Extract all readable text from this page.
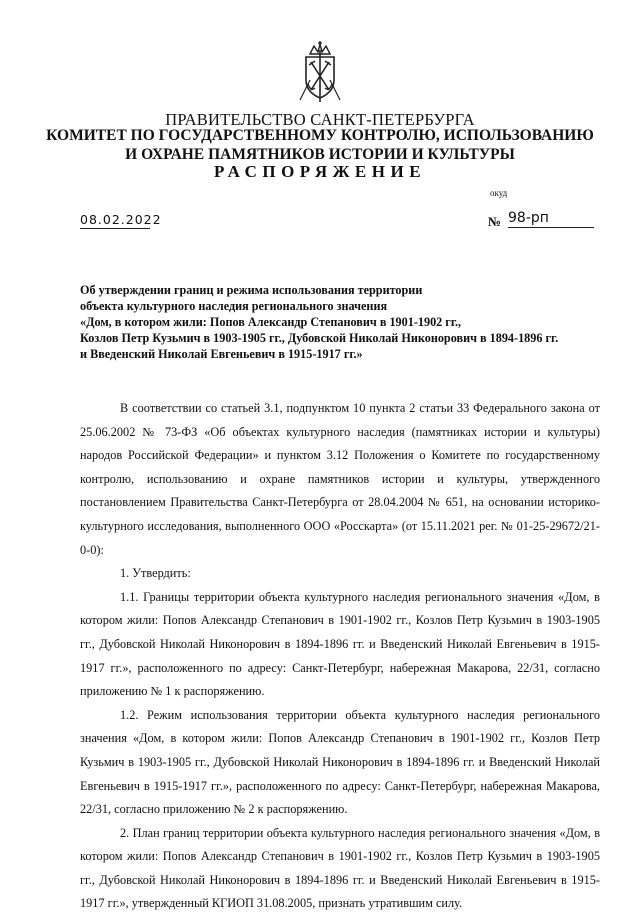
ПРАВИТЕЛЬСТВО САНКТ-ПЕТЕРБУРГА
КОМИТЕТ ПО ГОСУДАРСТВЕННОМУ КОНТРОЛЮ, ИСПОЛЬЗОВАНИЮ
И ОХРАНЕ ПАМЯТНИКОВ ИСТОРИИ И КУЛЬТУРЫ
РАСПОРЯЖЕНИЕ
окуд
08.02.2022	№ 98-рп
Об утверждении границ и режима использования территории
объекта культурного наследия регионального значения
«Дом, в котором жили: Попов Александр Степанович в 1901-1902 гг.,
Козлов Петр Кузьмич в 1903-1905 гг., Дубовской Николай Никонорович в 1894-1896 гг.
и Введенский Николай Евгеньевич в 1915-1917 гг.»

В соответствии со статьей 3.1, подпунктом 10 пункта 2 статьи 33 Федерального закона от 25.06.2002 № 73-ФЗ «Об объектах культурного наследия (памятниках истории и культуры) народов Российской Федерации» и пунктом 3.12 Положения о Комитете по государственному контролю, использованию и охране памятников истории и культуры, утвержденного постановлением Правительства Санкт-Петербурга от 28.04.2004 № 651, на основании историко-культурного исследования, выполненного ООО «Росскарта» (от 15.11.2021 рег. № 01-25-29672/21-0-0):

1. Утвердить:

1.1. Границы территории объекта культурного наследия регионального значения «Дом, в котором жили: Попов Александр Степанович в 1901-1902 гг., Козлов Петр Кузьмич в 1903-1905 гг., Дубовской Николай Никонорович в 1894-1896 гг. и Введенский Николай Евгеньевич в 1915-1917 гг.», расположенного по адресу: Санкт-Петербург, набережная Макарова, 22/31, согласно приложению № 1 к распоряжению.

1.2. Режим использования территории объекта культурного наследия регионального значения «Дом, в котором жили: Попов Александр Степанович в 1901-1902 гг., Козлов Петр Кузьмич в 1903-1905 гг., Дубовской Николай Никонорович в 1894-1896 гг. и Введенский Николай Евгеньевич в 1915-1917 гг.», расположенного по адресу: Санкт-Петербург, набережная Макарова, 22/31, согласно приложению № 2 к распоряжению.

2. План границ территории объекта культурного наследия регионального значения «Дом, в котором жили: Попов Александр Степанович в 1901-1902 гг., Козлов Петр Кузьмич в 1903-1905 гг., Дубовской Николай Никонорович в 1894-1896 гг. и Введенский Николай Евгеньевич в 1915-1917 гг.», утвержденный КГИОП 31.08.2005, признать утратившим силу.
